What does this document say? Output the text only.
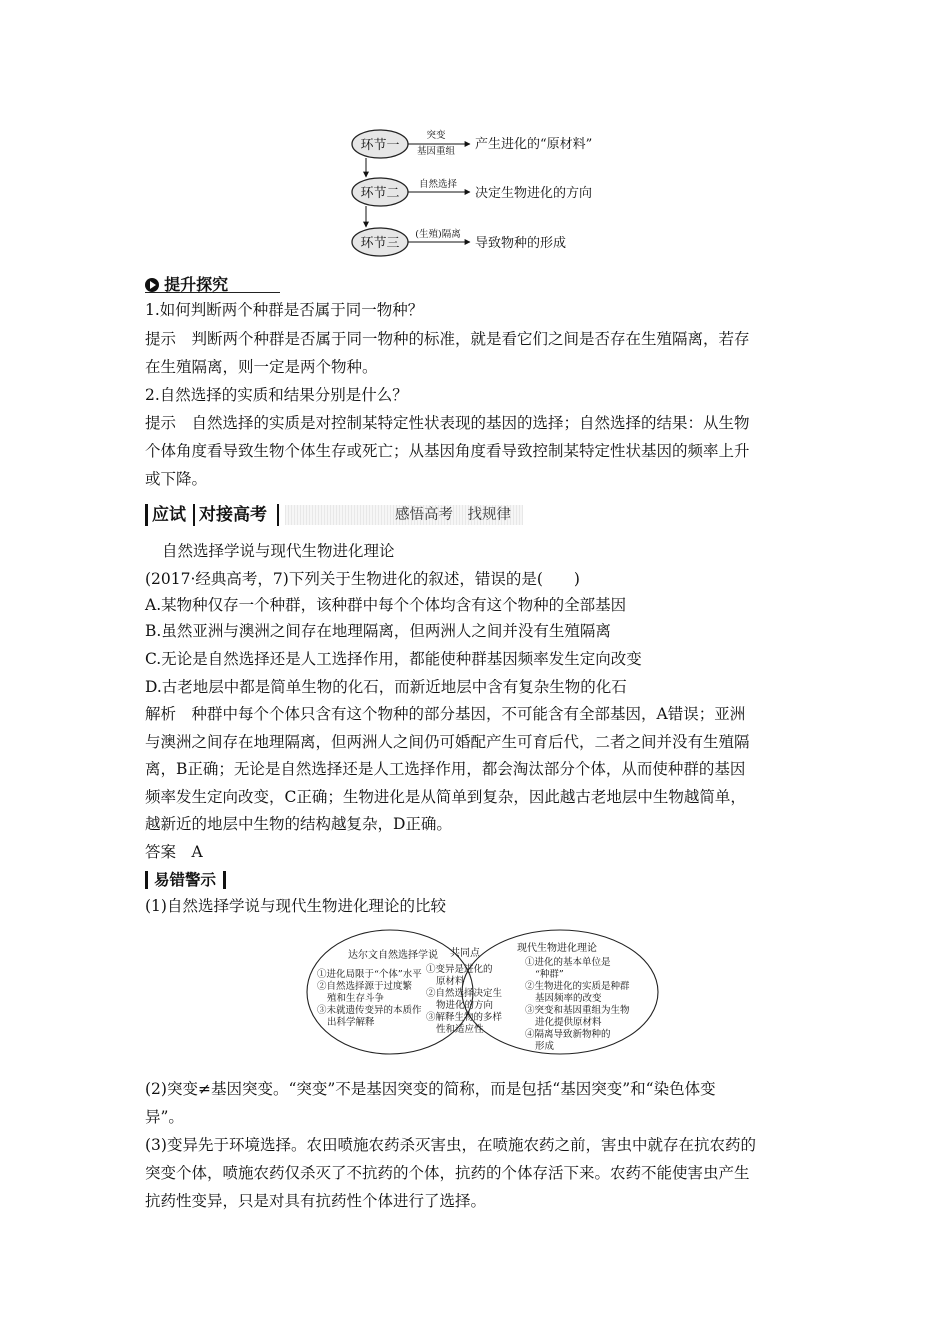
环节一
环节二
环节三
突变
基因重组 产生进化的“原材料”
自然选择
决定生物进化的方向
(生殖)隔离
导致物种的形成
提升探究
1.如何判断两个种群是否属于同一物种？
提示　判断两个种群是否属于同一物种的标准，就是看它们之间是否存在生殖隔离，若存
在生殖隔离，则一定是两个物种。
2.自然选择的实质和结果分别是什么？
提示　自然选择的实质是对控制某特定性状表现的基因的选择；自然选择的结果：从生物
个体角度看导致生物个体生存或死亡；从基因角度看导致控制某特定性状基因的频率上升
或下降。
应试 对接高考	感悟高考　找规律
自然选择学说与现代生物进化理论
(2017·经典高考，7)下列关于生物进化的叙述，错误的是(　　)
A.某物种仅存一个种群，该种群中每个个体均含有这个物种的全部基因
B.虽然亚洲与澳洲之间存在地理隔离，但两洲人之间并没有生殖隔离
C.无论是自然选择还是人工选择作用，都能使种群基因频率发生定向改变
D.古老地层中都是简单生物的化石，而新近地层中含有复杂生物的化石
解析　种群中每个个体只含有这个物种的部分基因，不可能含有全部基因，A错误；亚洲
与澳洲之间存在地理隔离，但两洲人之间仍可婚配产生可育后代，二者之间并没有生殖隔
离，B正确；无论是自然选择还是人工选择作用，都会淘汰部分个体，从而使种群的基因
频率发生定向改变，C正确；生物进化是从简单到复杂，因此越古老地层中生物越简单，
越新近的地层中生物的结构越复杂，D正确。
答案　A
易错警示
(1)自然选择学说与现代生物进化理论的比较
达尔文自然选择学说
①进化局限于“个体”水平
②自然选择源于过度繁
殖和生存斗争
③未就遗传变异的本质作
出科学解释
共同点
①变异是进化的
原材料
②自然选择决定生
物进化的方向
③解释生物的多样
性和适应性
现代生物进化理论
①进化的基本单位是
“种群”
②生物进化的实质是种群
基因频率的改变
③突变和基因重组为生物
进化提供原材料
④隔离导致新物种的
形成
(2)突变≠基因突变。“突变”不是基因突变的简称，而是包括“基因突变”和“染色体变
异”。
(3)变异先于环境选择。农田喷施农药杀灭害虫，在喷施农药之前，害虫中就存在抗农药的
突变个体，喷施农药仅杀灭了不抗药的个体，抗药的个体存活下来。农药不能使害虫产生
抗药性变异，只是对具有抗药性个体进行了选择。
